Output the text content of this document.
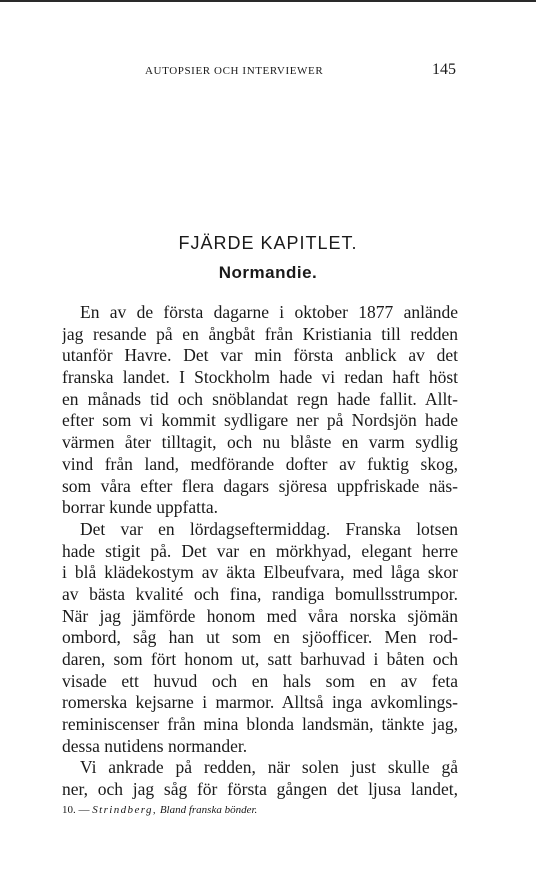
AUTOPSIER OCH INTERVIEWER	145
FJÄRDE KAPITLET.
Normandie.
En av de första dagarne i oktober 1877 anlände
jag resande på en ångbåt från Kristiania till redden
utanför Havre. Det var min första anblick av det
franska landet. I Stockholm hade vi redan haft höst
en månads tid och snöblandat regn hade fallit. Allt-
efter som vi kommit sydligare ner på Nordsjön hade
värmen åter tilltagit, och nu blåste en varm sydlig
vind från land, medförande dofter av fuktig skog,
som våra efter flera dagars sjöresa uppfriskade näs-
borrar kunde uppfatta.
Det var en lördagseftermiddag. Franska lotsen
hade stigit på. Det var en mörkhyad, elegant herre
i blå klädekostym av äkta Elbeufvara, med låga skor
av bästa kvalité och fina, randiga bomullsstrumpor.
När jag jämförde honom med våra norska sjömän
ombord, såg han ut som en sjöofficer. Men rod-
daren, som fört honom ut, satt barhuvad i båten och
visade ett huvud och en hals som en av feta
romerska kejsarne i marmor. Alltså inga avkomlings-
reminiscenser från mina blonda landsmän, tänkte jag,
dessa nutidens normander.
Vi ankrade på redden, när solen just skulle gå
ner, och jag såg för första gången det ljusa landet,
10. — Strindberg, Bland franska bönder.
